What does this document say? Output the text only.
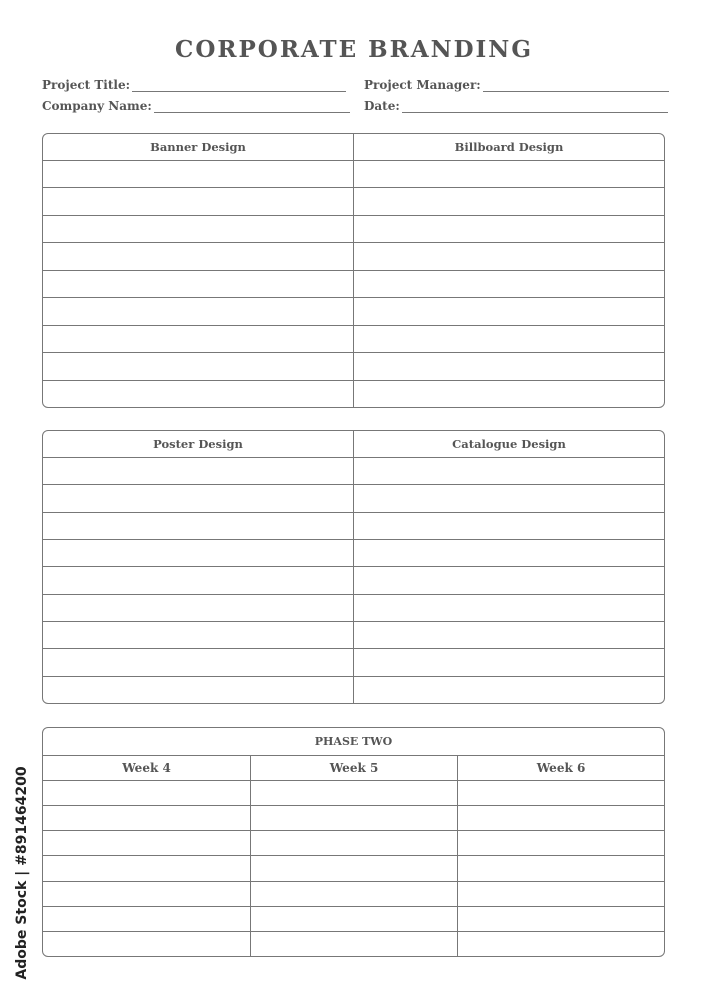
CORPORATE BRANDING
Project Title:	Project Manager:
Company Name:	Date:
Banner Design	Billboard Design
Poster Design	Catalogue Design
PHASE TWO
Week 4	Week 5	Week 6
Adobe Stock | #891464200
